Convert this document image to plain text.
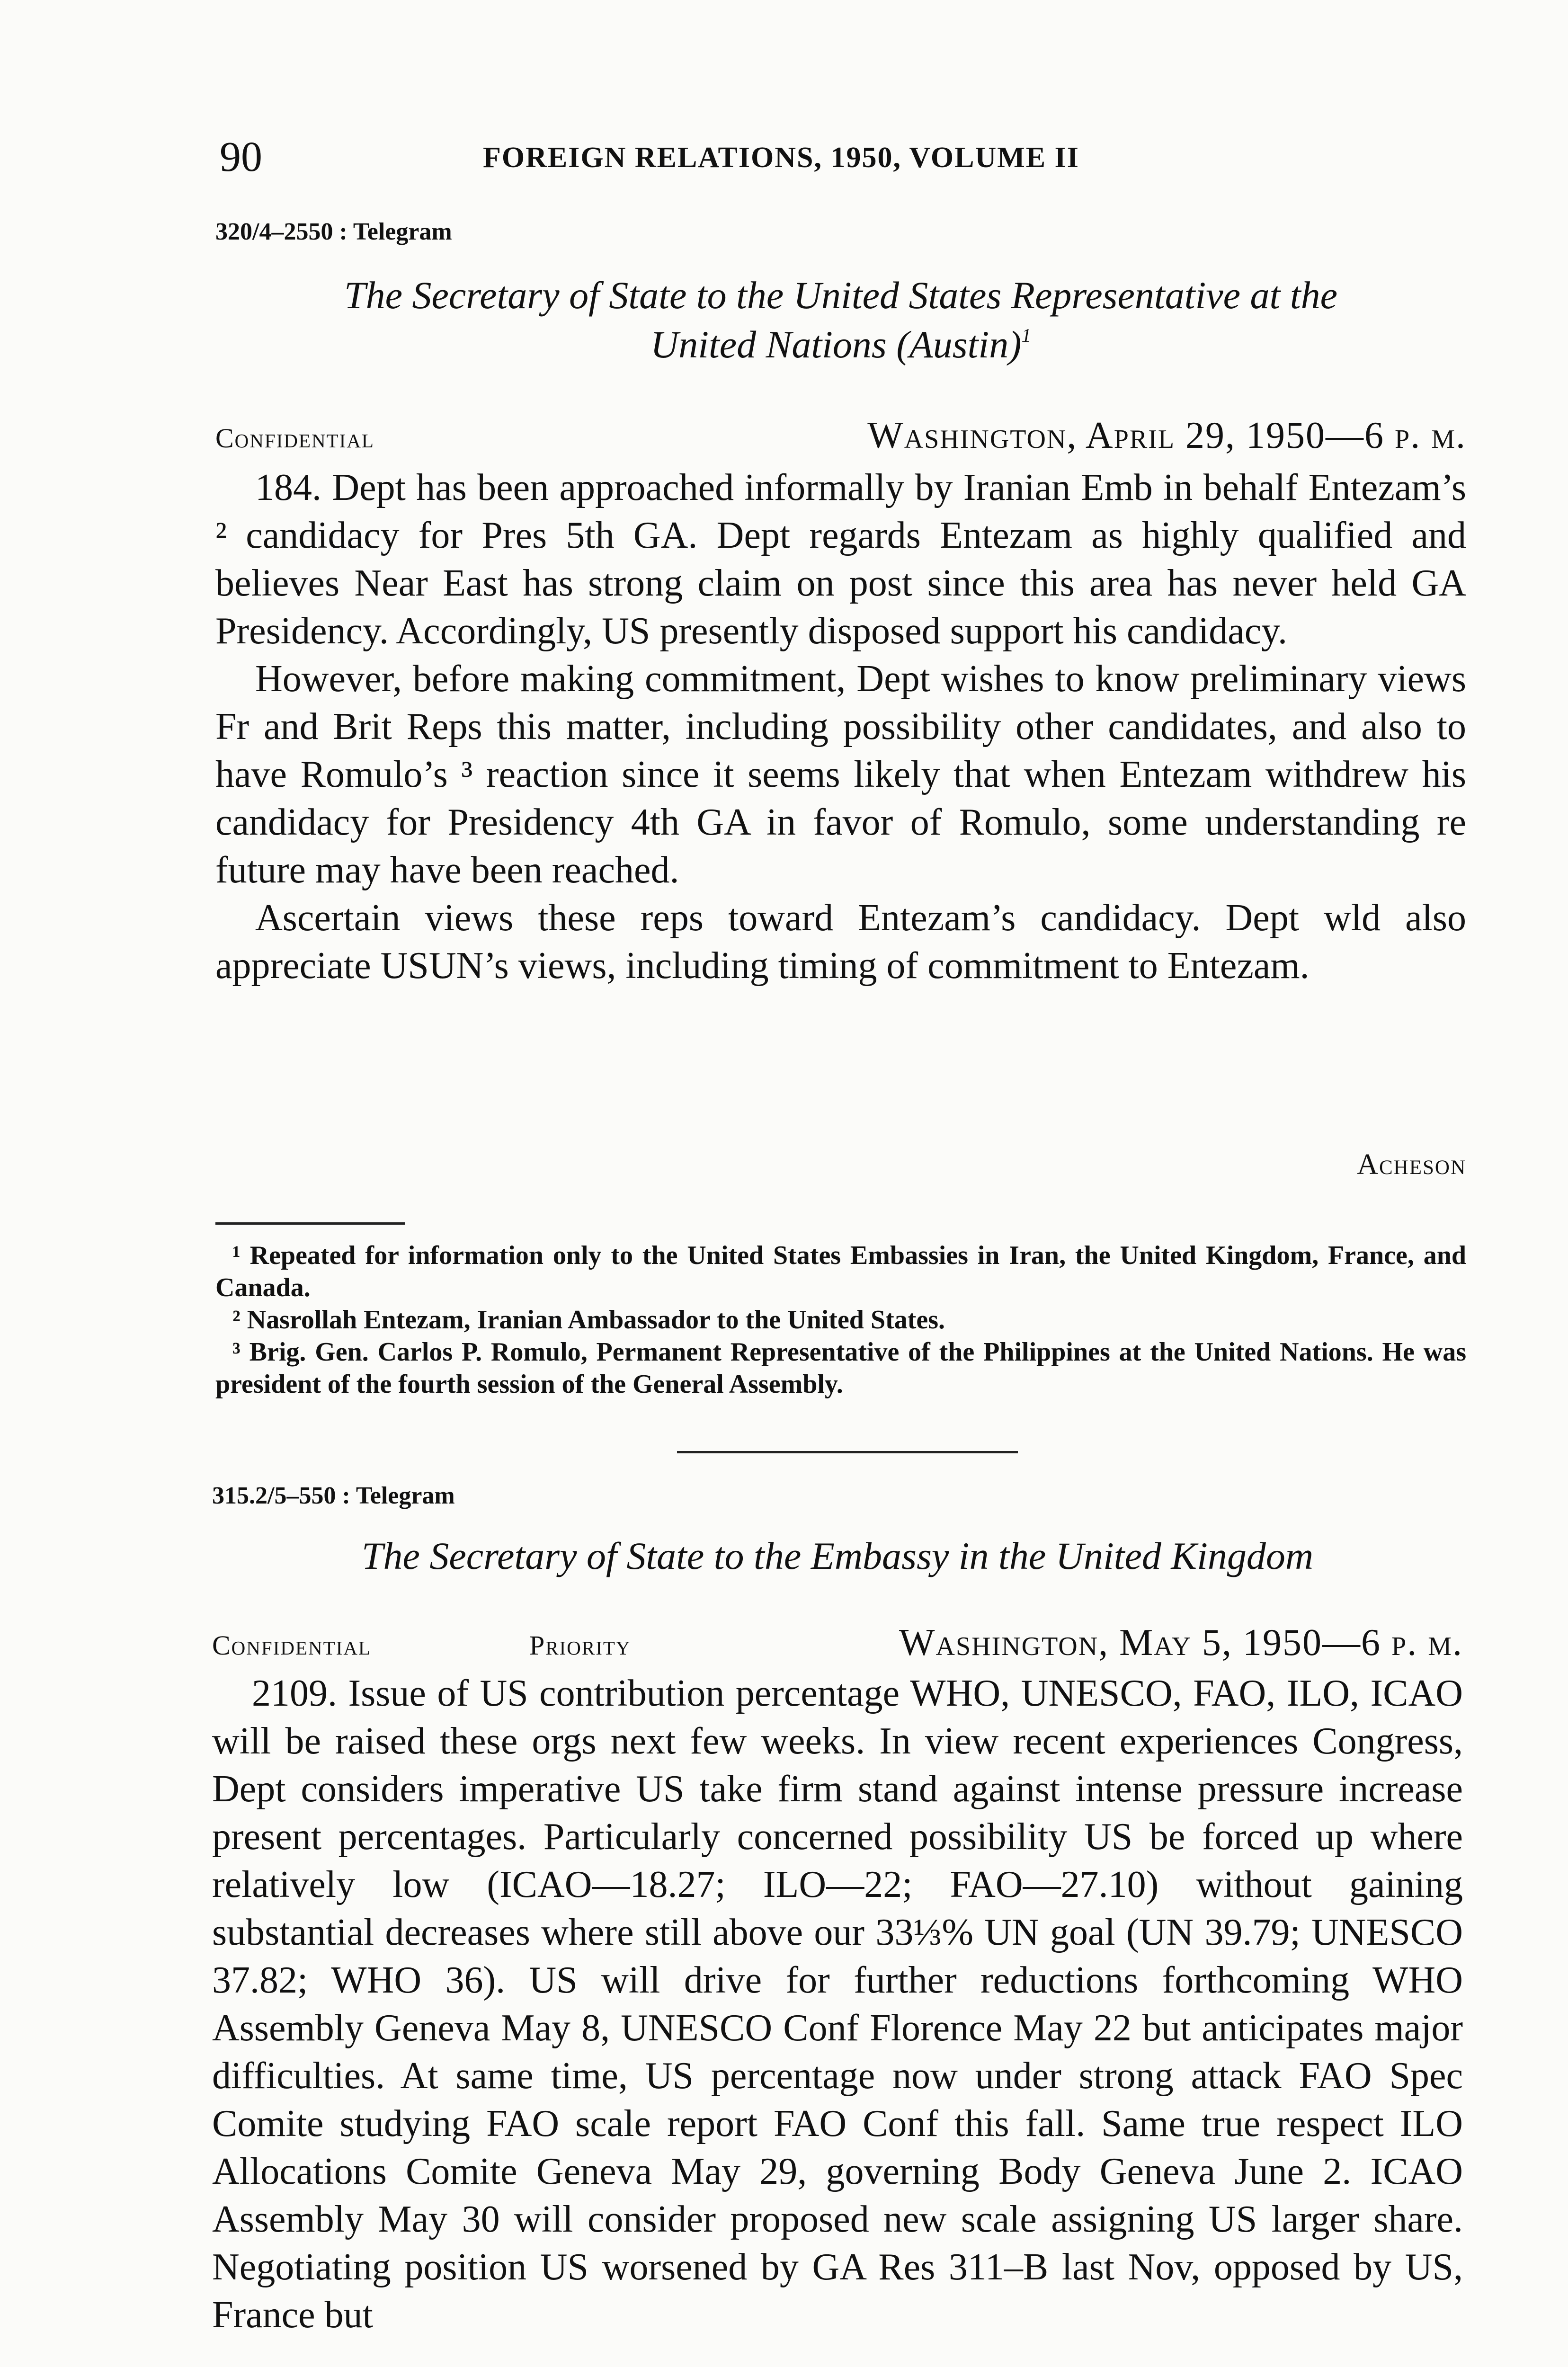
90	FOREIGN RELATIONS, 1950, VOLUME II
320/4–2550 : Telegram
The Secretary of State to the United States Representative at the
United Nations (Austin)$^1$
Confidential	Washington, April 29, 1950—6 p. m.

184. Dept has been approached informally by Iranian Emb in behalf Entezam’s ² candidacy for Pres 5th GA. Dept regards Entezam as highly qualified and believes Near East has strong claim on post since this area has never held GA Presidency. Accordingly, US presently disposed support his candidacy.

However, before making commitment, Dept wishes to know preliminary views Fr and Brit Reps this matter, including possibility other candidates, and also to have Romulo’s ³ reaction since it seems likely that when Entezam withdrew his candidacy for Presidency 4th GA in favor of Romulo, some understanding re future may have been reached.

Ascertain views these reps toward Entezam’s candidacy. Dept wld also appreciate USUN’s views, including timing of commitment to Entezam.

Acheson

¹ Repeated for information only to the United States Embassies in Iran, the United Kingdom, France, and Canada.

² Nasrollah Entezam, Iranian Ambassador to the United States.

³ Brig. Gen. Carlos P. Romulo, Permanent Representative of the Philippines at the United Nations. He was president of the fourth session of the General Assembly.

315.2/5–550 : Telegram
The Secretary of State to the Embassy in the United Kingdom
Confidential	Priority	Washington, May 5, 1950—6 p. m.

2109. Issue of US contribution percentage WHO, UNESCO, FAO, ILO, ICAO will be raised these orgs next few weeks. In view recent experiences Congress, Dept considers imperative US take firm stand against intense pressure increase present percentages. Particularly concerned possibility US be forced up where relatively low (ICAO—18.27; ILO—22; FAO—27.10) without gaining substantial decreases where still above our 33⅓% UN goal (UN 39.79; UNESCO 37.82; WHO 36). US will drive for further reductions forthcoming WHO Assembly Geneva May 8, UNESCO Conf Florence May 22 but anticipates major difficulties. At same time, US percentage now under strong attack FAO Spec Comite studying FAO scale report FAO Conf this fall. Same true respect ILO Allocations Comite Geneva May 29, governing Body Geneva June 2. ICAO Assembly May 30 will consider proposed new scale assigning US larger share. Negotiating position US worsened by GA Res 311–B last Nov, opposed by US, France but
